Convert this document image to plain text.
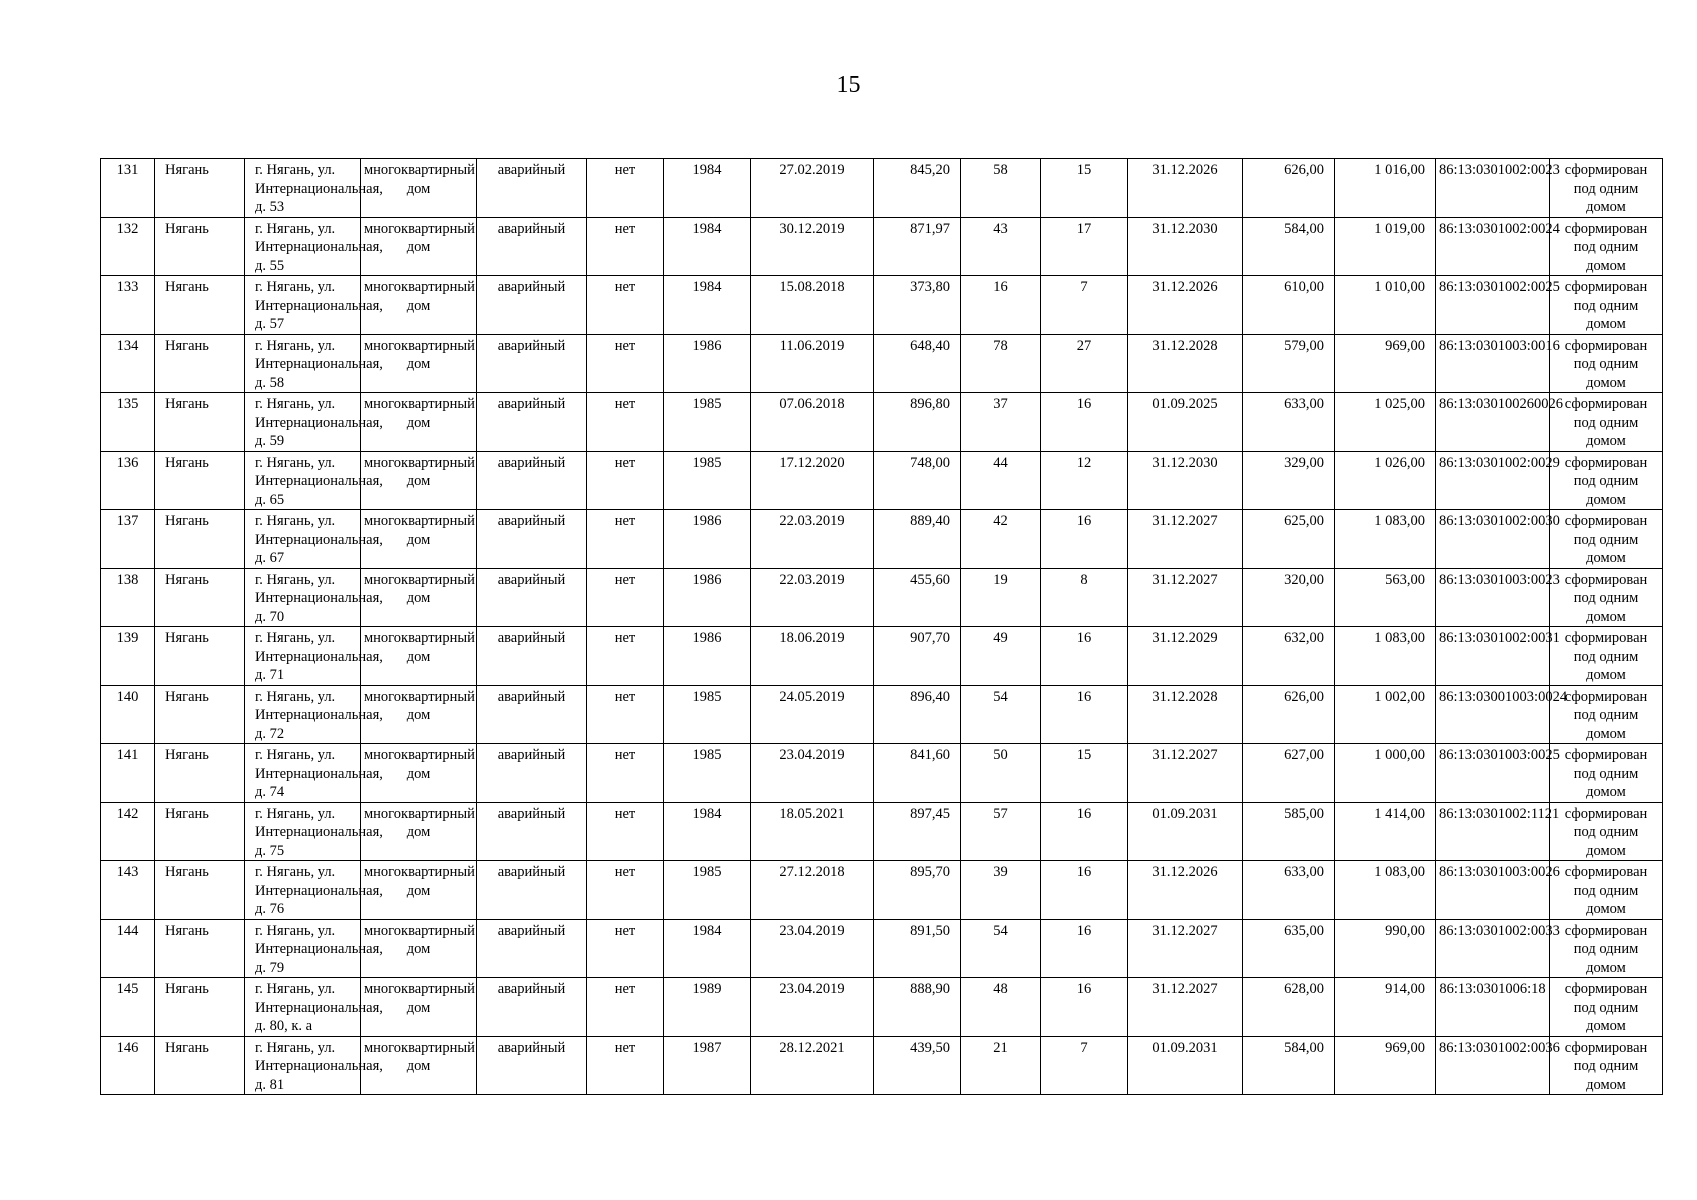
15
131	Нягань	г. Нягань, ул. Интернациональная, д. 53	многоквартирный дом	аварийный	нет	1984	27.02.2019	845,20	58	15	31.12.2026	626,00	1 016,00	86:13:0301002:0023	сформирован под одним домом
132	Нягань	г. Нягань, ул. Интернациональная, д. 55	многоквартирный дом	аварийный	нет	1984	30.12.2019	871,97	43	17	31.12.2030	584,00	1 019,00	86:13:0301002:0024	сформирован под одним домом
133	Нягань	г. Нягань, ул. Интернациональная, д. 57	многоквартирный дом	аварийный	нет	1984	15.08.2018	373,80	16	7	31.12.2026	610,00	1 010,00	86:13:0301002:0025	сформирован под одним домом
134	Нягань	г. Нягань, ул. Интернациональная, д. 58	многоквартирный дом	аварийный	нет	1986	11.06.2019	648,40	78	27	31.12.2028	579,00	969,00	86:13:0301003:0016	сформирован под одним домом
135	Нягань	г. Нягань, ул. Интернациональная, д. 59	многоквартирный дом	аварийный	нет	1985	07.06.2018	896,80	37	16	01.09.2025	633,00	1 025,00	86:13:030100260026	сформирован под одним домом
136	Нягань	г. Нягань, ул. Интернациональная, д. 65	многоквартирный дом	аварийный	нет	1985	17.12.2020	748,00	44	12	31.12.2030	329,00	1 026,00	86:13:0301002:0029	сформирован под одним домом
137	Нягань	г. Нягань, ул. Интернациональная, д. 67	многоквартирный дом	аварийный	нет	1986	22.03.2019	889,40	42	16	31.12.2027	625,00	1 083,00	86:13:0301002:0030	сформирован под одним домом
138	Нягань	г. Нягань, ул. Интернациональная, д. 70	многоквартирный дом	аварийный	нет	1986	22.03.2019	455,60	19	8	31.12.2027	320,00	563,00	86:13:0301003:0023	сформирован под одним домом
139	Нягань	г. Нягань, ул. Интернациональная, д. 71	многоквартирный дом	аварийный	нет	1986	18.06.2019	907,70	49	16	31.12.2029	632,00	1 083,00	86:13:0301002:0031	сформирован под одним домом
140	Нягань	г. Нягань, ул. Интернациональная, д. 72	многоквартирный дом	аварийный	нет	1985	24.05.2019	896,40	54	16	31.12.2028	626,00	1 002,00	86:13:03001003:0024	сформирован под одним домом
141	Нягань	г. Нягань, ул. Интернациональная, д. 74	многоквартирный дом	аварийный	нет	1985	23.04.2019	841,60	50	15	31.12.2027	627,00	1 000,00	86:13:0301003:0025	сформирован под одним домом
142	Нягань	г. Нягань, ул. Интернациональная, д. 75	многоквартирный дом	аварийный	нет	1984	18.05.2021	897,45	57	16	01.09.2031	585,00	1 414,00	86:13:0301002:1121	сформирован под одним домом
143	Нягань	г. Нягань, ул. Интернациональная, д. 76	многоквартирный дом	аварийный	нет	1985	27.12.2018	895,70	39	16	31.12.2026	633,00	1 083,00	86:13:0301003:0026	сформирован под одним домом
144	Нягань	г. Нягань, ул. Интернациональная, д. 79	многоквартирный дом	аварийный	нет	1984	23.04.2019	891,50	54	16	31.12.2027	635,00	990,00	86:13:0301002:0033	сформирован под одним домом
145	Нягань	г. Нягань, ул. Интернациональная, д. 80, к. а	многоквартирный дом	аварийный	нет	1989	23.04.2019	888,90	48	16	31.12.2027	628,00	914,00	86:13:0301006:18	сформирован под одним домом
146	Нягань	г. Нягань, ул. Интернациональная, д. 81	многоквартирный дом	аварийный	нет	1987	28.12.2021	439,50	21	7	01.09.2031	584,00	969,00	86:13:0301002:0036	сформирован под одним домом
